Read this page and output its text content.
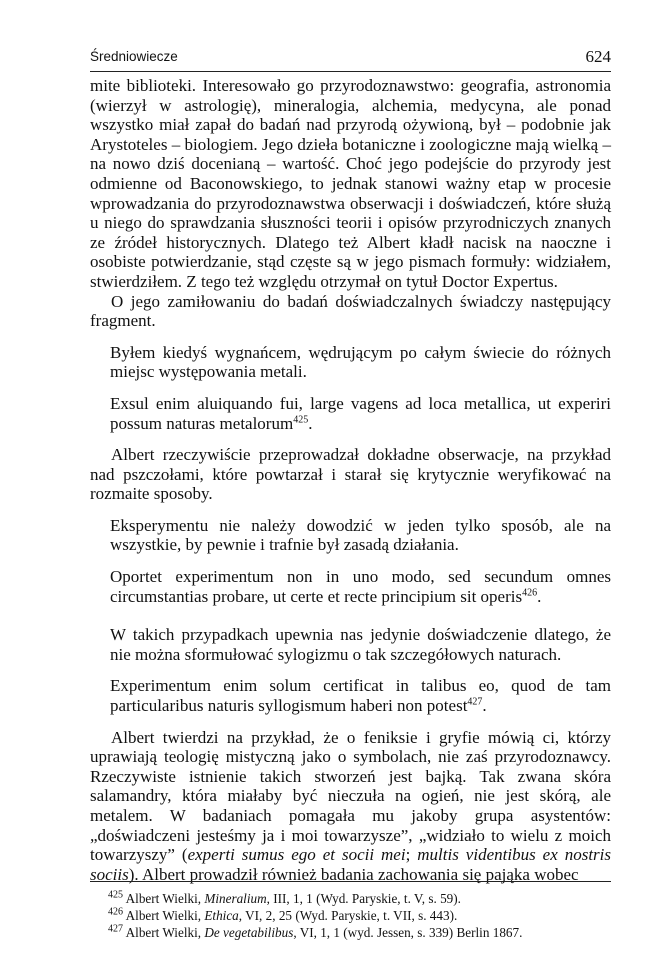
Średniowiecze	624

mite biblioteki. Interesowało go przyrodoznawstwo: geografia, astronomia (wierzył w astrologię), mineralogia, alchemia, medycyna, ale ponad wszystko miał zapał do badań nad przyrodą ożywioną, był – podobnie jak Arystoteles – biologiem. Jego dzieła botaniczne i zoologiczne mają wielką – na nowo dziś docenianą – wartość. Choć jego podejście do przyrody jest odmienne od Baconowskiego, to jednak stanowi ważny etap w procesie wprowadzania do przyrodoznawstwa obserwacji i doświadczeń, które służą u niego do sprawdzania słuszności teorii i opisów przyrodniczych znanych ze źródeł historycznych. Dlatego też Albert kładł nacisk na naoczne i osobiste potwierdzanie, stąd częste są w jego pismach formuły: widziałem, stwierdziłem. Z tego też względu otrzymał on tytuł Doctor Expertus.

O jego zamiłowaniu do badań doświadczalnych świadczy następujący fragment.

Byłem kiedyś wygnańcem, wędrującym po całym świecie do różnych miejsc występowania metali.

Exsul enim aluiquando fui, large vagens ad loca metallica, ut experiri possum naturas metalorum$^{425}$.

Albert rzeczywiście przeprowadzał dokładne obserwacje, na przykład nad pszczołami, które powtarzał i starał się krytycznie weryfikować na rozmaite sposoby.

Eksperymentu nie należy dowodzić w jeden tylko sposób, ale na wszystkie, by pewnie i trafnie był zasadą działania.

Oportet experimentum non in uno modo, sed secundum omnes circumstantias probare, ut certe et recte principium sit operis$^{426}$.

W takich przypadkach upewnia nas jedynie doświadczenie dlatego, że nie można sformułować sylogizmu o tak szczegółowych naturach.

Experimentum enim solum certificat in talibus eo, quod de tam particularibus naturis syllogismum haberi non potest$^{427}$.

Albert twierdzi na przykład, że o feniksie i gryfie mówią ci, którzy uprawiają teologię mistyczną jako o symbolach, nie zaś przyrodoznawcy. Rzeczywiste istnienie takich stworzeń jest bajką. Tak zwana skóra salamandry, która miałaby być nieczuła na ogień, nie jest skórą, ale metalem. W badaniach pomagała mu jakoby grupa asystentów: „doświadczeni jesteśmy ja i moi towarzysze”, „widziało to wielu z moich towarzyszy” (experti sumus ego et socii mei; multis videntibus ex nostris sociis). Albert prowadził również badania zachowania się pająka wobec

$^{425}$  Albert Wielki, Mineralium, III, 1, 1 (Wyd. Paryskie, t. V, s. 59).
$^{426}$  Albert Wielki, Ethica, VI, 2, 25 (Wyd. Paryskie, t. VII, s. 443).
$^{427}$  Albert Wielki, De vegetabilibus, VI, 1, 1 (wyd. Jessen, s. 339) Berlin 1867.
